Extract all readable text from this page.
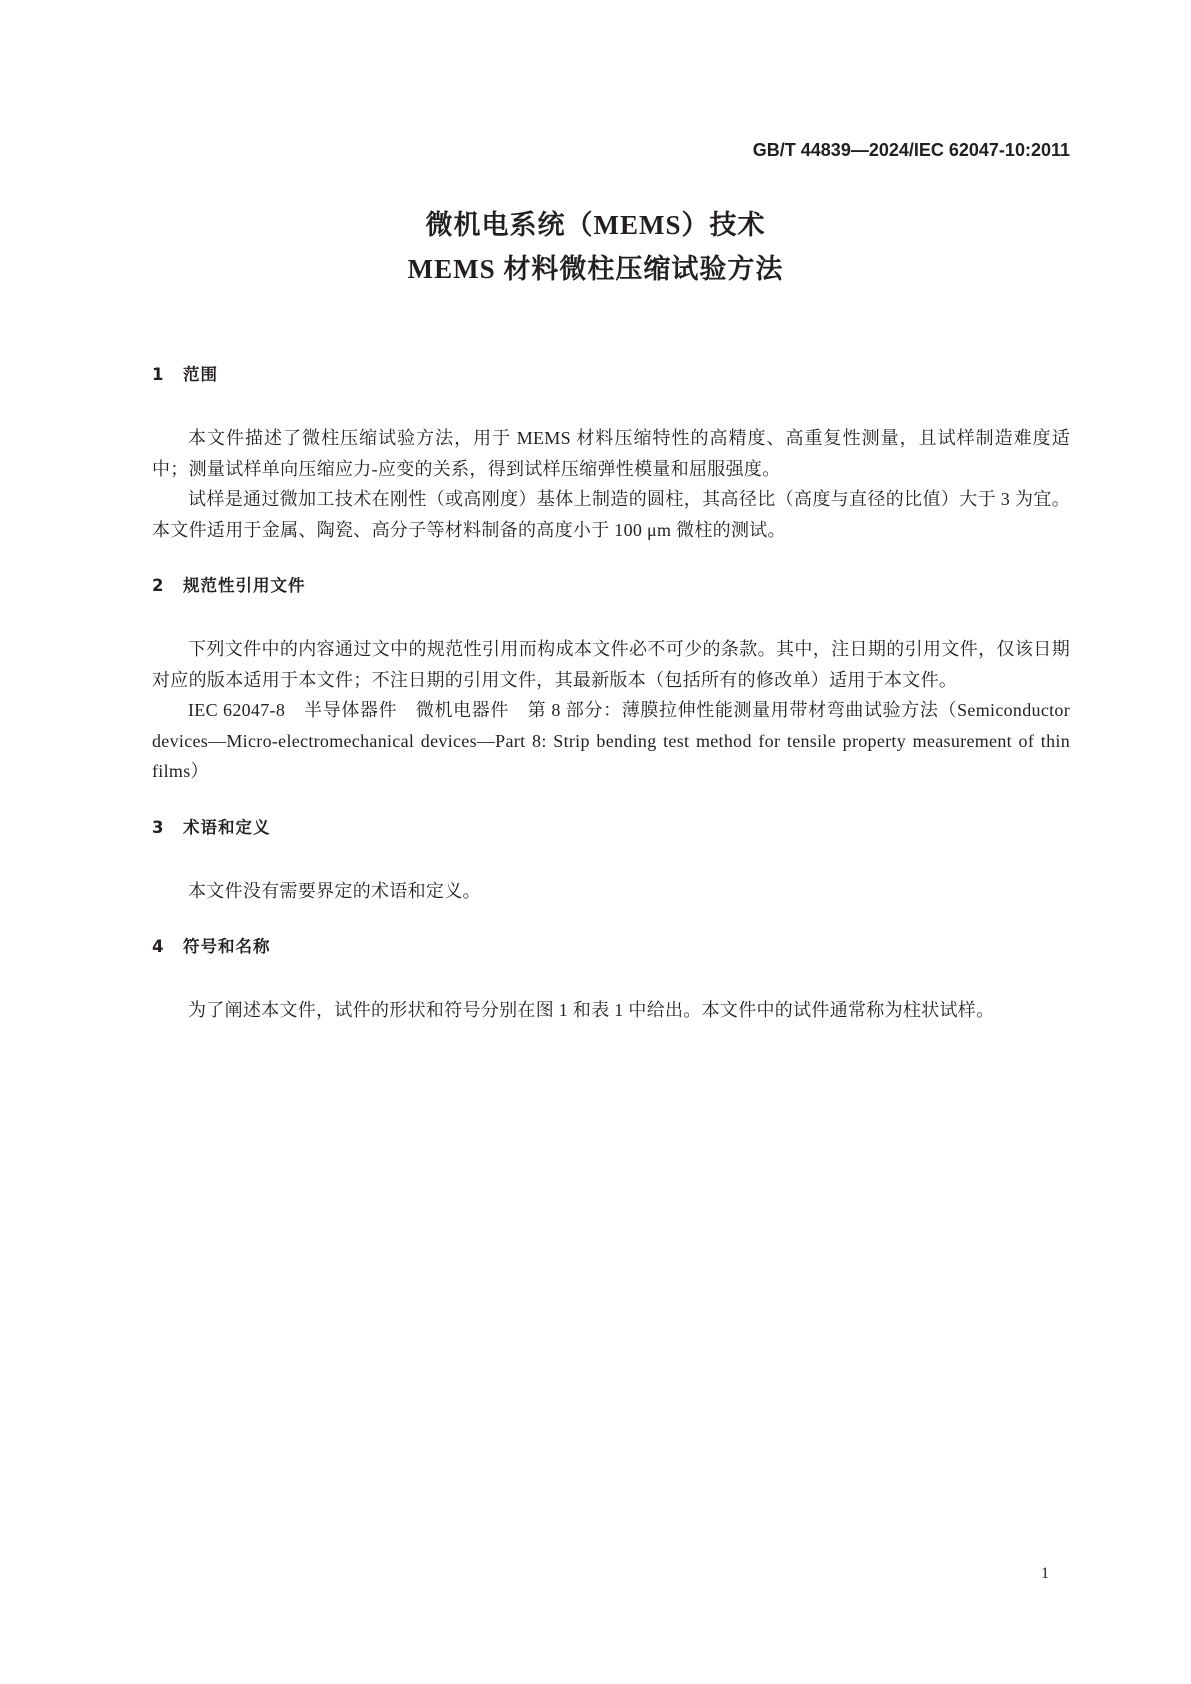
GB/T 44839—2024/IEC 62047-10:2011
微机电系统（MEMS）技术
MEMS 材料微柱压缩试验方法
1	范围

本文件描述了微柱压缩试验方法，用于 MEMS 材料压缩特性的高精度、高重复性测量，且试样制造难度适中；测量试样单向压缩应力-应变的关系，得到试样压缩弹性模量和屈服强度。

试样是通过微加工技术在刚性（或高刚度）基体上制造的圆柱，其高径比（高度与直径的比值）大于 3 为宜。本文件适用于金属、陶瓷、高分子等材料制备的高度小于 100 μm 微柱的测试。

2	规范性引用文件

下列文件中的内容通过文中的规范性引用而构成本文件必不可少的条款。其中，注日期的引用文件，仅该日期对应的版本适用于本文件；不注日期的引用文件，其最新版本（包括所有的修改单）适用于本文件。

IEC 62047-8　半导体器件　微机电器件　第 8 部分：薄膜拉伸性能测量用带材弯曲试验方法（Semiconductor devices—Micro-electromechanical devices—Part 8: Strip bending test method for tensile property measurement of thin films）

3	术语和定义

本文件没有需要界定的术语和定义。

4	符号和名称

为了阐述本文件，试件的形状和符号分别在图 1 和表 1 中给出。本文件中的试件通常称为柱状试样。

1
